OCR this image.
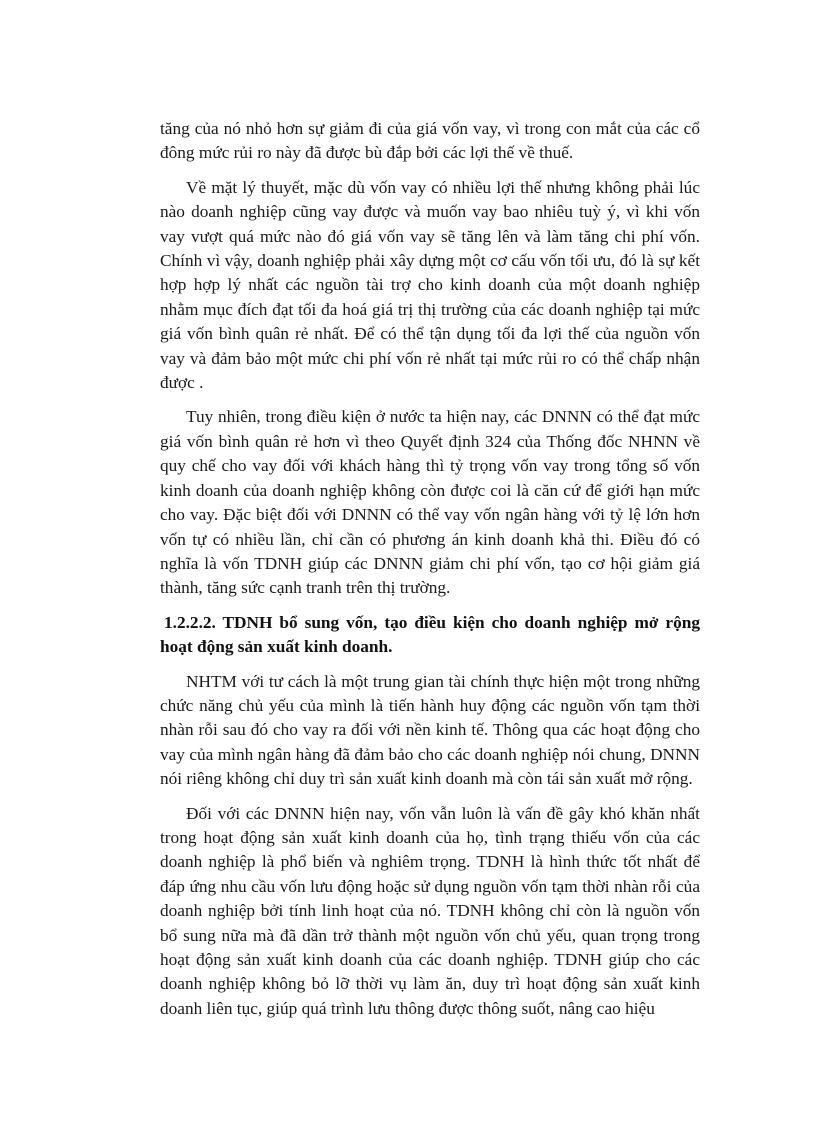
tăng của nó nhỏ hơn sự giảm đi của giá vốn vay, vì trong con mắt của các cổ đông mức rủi ro này đã được bù đắp bởi các lợi thế về thuế.

Về mặt lý thuyết, mặc dù vốn vay có nhiều lợi thế nhưng không phải lúc nào doanh nghiệp cũng vay được và muốn vay bao nhiêu tuỳ ý, vì khi vốn vay vượt quá mức nào đó giá vốn vay sẽ tăng lên và làm tăng chi phí vốn. Chính vì vậy, doanh nghiệp phải xây dựng một cơ cấu vốn tối ưu, đó là sự kết hợp hợp lý nhất các nguồn tài trợ cho kinh doanh của một doanh nghiệp nhằm mục đích đạt tối đa hoá giá trị thị trường của các doanh nghiệp tại mức giá vốn bình quân rẻ nhất. Để có thể tận dụng tối đa lợi thế của nguồn vốn vay và đảm bảo một mức chi phí vốn rẻ nhất tại mức rủi ro có thể chấp nhận được .

Tuy nhiên, trong điều kiện ở nước ta hiện nay, các DNNN có thể đạt mức giá vốn bình quân rẻ hơn vì theo Quyết định 324 của Thống đốc NHNN về quy chế cho vay đối với khách hàng thì tỷ trọng vốn vay trong tổng số vốn kinh doanh của doanh nghiệp không còn được coi là căn cứ để giới hạn mức cho vay. Đặc biệt đối với DNNN có thể vay vốn ngân hàng với tỷ lệ lớn hơn vốn tự có nhiều lần, chỉ cần có phương án kinh doanh khả thi. Điều đó có nghĩa là vốn TDNH giúp các DNNN giảm chi phí vốn, tạo cơ hội giảm giá thành, tăng sức cạnh tranh trên thị trường.

1.2.2.2. TDNH bổ sung vốn, tạo điều kiện cho doanh nghiệp mở rộng hoạt động sản xuất kinh doanh.

NHTM với tư cách là một trung gian tài chính thực hiện một trong những chức năng chủ yếu của mình là tiến hành huy động các nguồn vốn tạm thời nhàn rỗi sau đó cho vay ra đối với nền kinh tế. Thông qua các hoạt động cho vay của mình ngân hàng đã đảm bảo cho các doanh nghiệp nói chung, DNNN nói riêng không chỉ duy trì sản xuất kinh doanh mà còn tái sản xuất mở rộng.

Đối với các DNNN hiện nay, vốn vẫn luôn là vấn đề gây khó khăn nhất trong hoạt động sản xuất kinh doanh của họ, tình trạng thiếu vốn của các doanh nghiệp là phổ biến và nghiêm trọng. TDNH là hình thức tốt nhất để đáp ứng nhu cầu vốn lưu động hoặc sử dụng nguồn vốn tạm thời nhàn rỗi của doanh nghiệp bởi tính linh hoạt của nó. TDNH không chỉ còn là nguồn vốn bổ sung nữa mà đã dần trở thành một nguồn vốn chủ yếu, quan trọng trong hoạt động sản xuất kinh doanh của các doanh nghiệp. TDNH giúp cho các doanh nghiệp không bỏ lỡ thời vụ làm ăn, duy trì hoạt động sản xuất kinh doanh liên tục, giúp quá trình lưu thông được thông suốt, nâng cao hiệu
